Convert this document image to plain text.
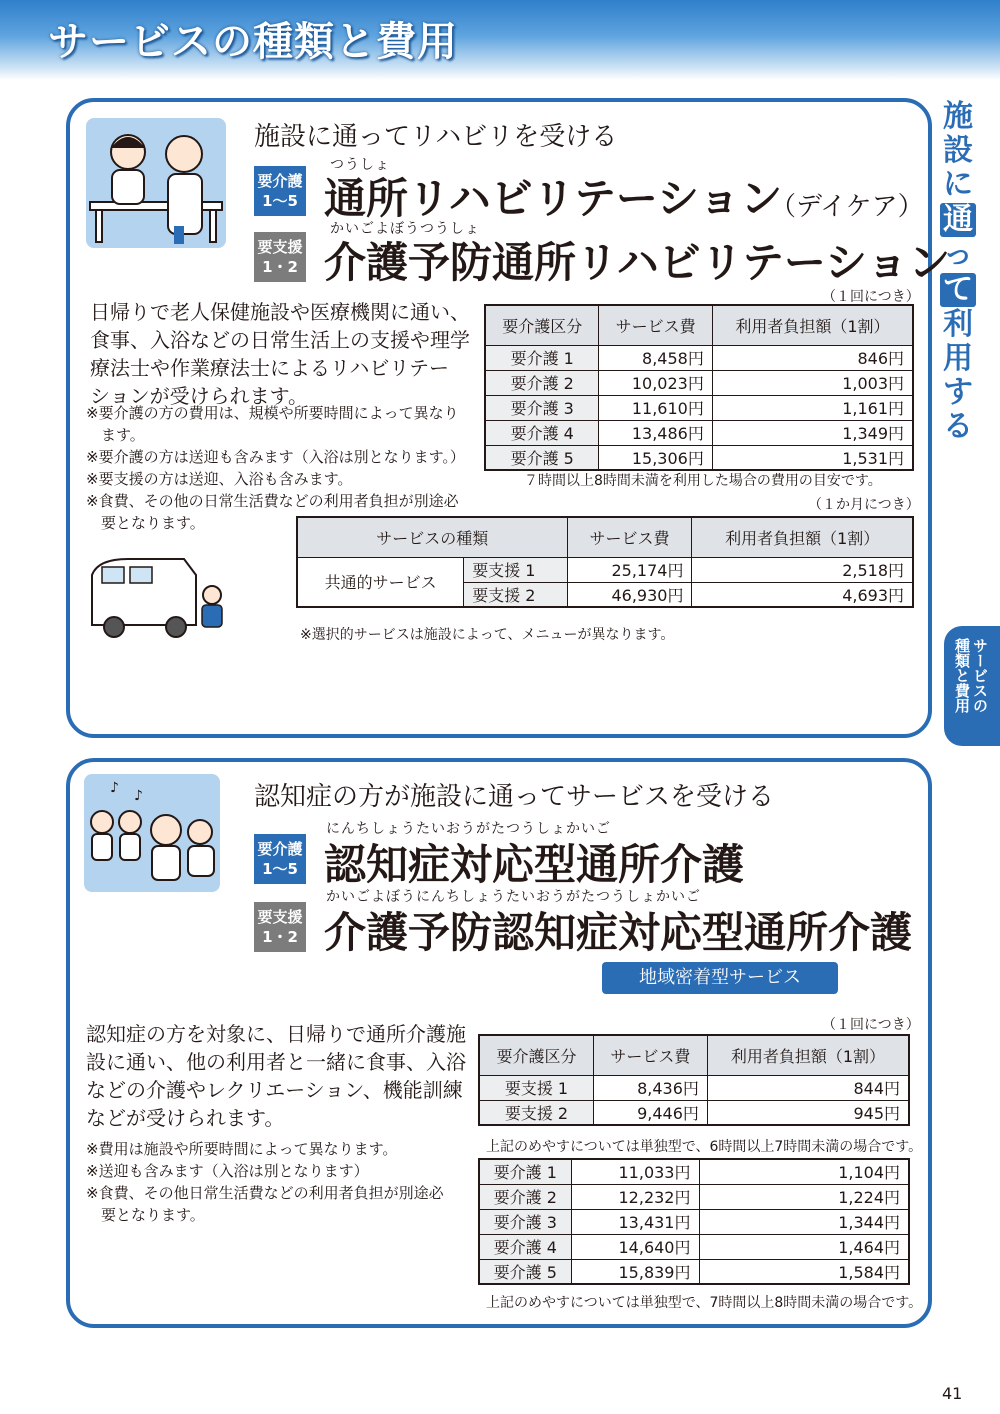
サービスの種類と費用
施
設
に
通
っ
て
利
用
す
る
サービスの
種類と費用
施設に通ってリハビリを受ける
要介護
1〜5
つうしょ
通所リハビリテーション
（デイケア）
要支援
1・2
かいごよぼうつうしょ
介護予防通所リハビリテーション
日帰りで老人保健施設や医療機関に通い、
食事、入浴などの日常生活上の支援や理学
療法士や作業療法士によるリハビリテー
ションが受けられます。
※要介護の方の費用は、規模や所要時間によって異なります。
※要介護の方は送迎も含みます（入浴は別となります。）
※要支援の方は送迎、入浴も含みます。
※食費、その他の日常生活費などの利用者負担が別途必要となります。
（１回につき）
要介護区分	サービス費	利用者負担額（1割）
要介護 1	8,458円	846円
要介護 2	10,023円	1,003円
要介護 3	11,610円	1,161円
要介護 4	13,486円	1,349円
要介護 5	15,306円	1,531円
７時間以上8時間未満を利用した場合の費用の目安です。
（１か月につき）
サービスの種類		サービス費	利用者負担額（1割）
共通的サービス	要支援 1	25,174円	2,518円
	要支援 2	46,930円	4,693円
※選択的サービスは施設によって、メニューが異なります。
♪ ♪	認知症の方が施設に通ってサービスを受ける
要介護
1〜5
にんちしょうたいおうがたつうしょかいご
認知症対応型通所介護
要支援
1・2
かいごよぼうにんちしょうたいおうがたつうしょかいご
介護予防認知症対応型通所介護
地域密着型サービス
認知症の方を対象に、日帰りで通所介護施
設に通い、他の利用者と一緒に食事、入浴
などの介護やレクリエーション、機能訓練
などが受けられます。
※費用は施設や所要時間によって異なります。
※送迎も含みます（入浴は別となります）
※食費、その他日常生活費などの利用者負担が別途必要となります。
（１回につき）
要介護区分	サービス費	利用者負担額（1割）
要支援 1	8,436円	844円
要支援 2	9,446円	945円
上記のめやすについては単独型で、6時間以上7時間未満の場合です。
要介護 1	11,033円	1,104円
要介護 2	12,232円	1,224円
要介護 3	13,431円	1,344円
要介護 4	14,640円	1,464円
要介護 5	15,839円	1,584円
上記のめやすについては単独型で、7時間以上8時間未満の場合です。
41
